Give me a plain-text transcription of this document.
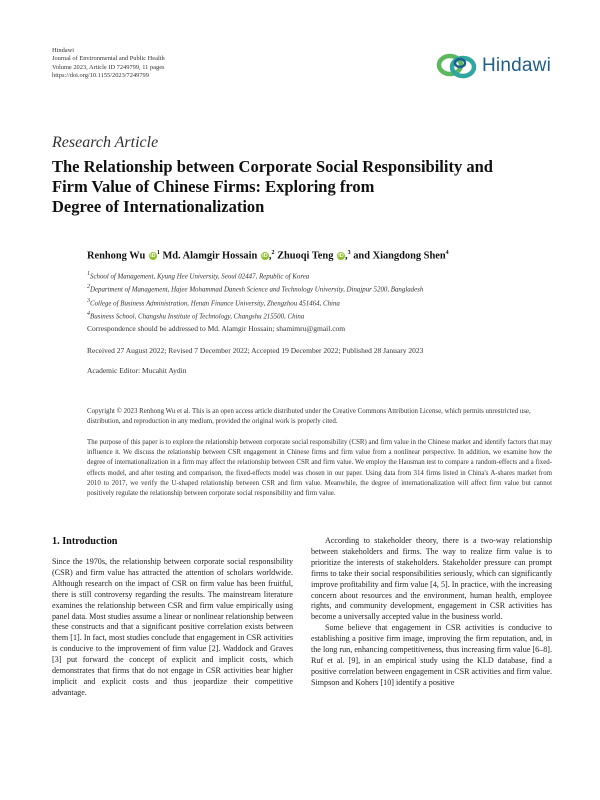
Hindawi
Journal of Environmental and Public Health
Volume 2023, Article ID 7249799, 11 pages
https://doi.org/10.1155/2023/7249799	Hindawi
Research Article
The Relationship between Corporate Social Responsibility and
Firm Value of Chinese Firms: Exploring from
Degree of Internationalization
Renhong Wu $iD^1$ Md. Alamgir Hossain iD,$^2$ Zhuoqi Teng iD,$^3$ and Xiangdong Shen$^4$
$^1$School of Management, Kyung Hee University, Seoul 02447, Republic of Korea
$^2$Department of Management, Hajee Mohammad Danesh Science and Technology University, Dinajpur 5200, Bangladesh
$^3$College of Business Administration, Henan Finance University, Zhengzhou 451464, China
$^4$Business School, Changshu Institute of Technology, Changshu 215500, China
Correspondence should be addressed to Md. Alamgir Hossain; shamimru@gmail.com
Received 27 August 2022; Revised 7 December 2022; Accepted 19 December 2022; Published 28 January 2023
Academic Editor: Mucahit Aydin
Copyright © 2023 Renhong Wu et al. This is an open access article distributed under the Creative Commons Attribution License, which permits unrestricted use, distribution, and reproduction in any medium, provided the original work is properly cited.
The purpose of this paper is to explore the relationship between corporate social responsibility (CSR) and firm value in the Chinese market and identify factors that may influence it. We discuss the relationship between CSR engagement in Chinese firms and firm value from a nonlinear perspective. In addition, we examine how the degree of internationalization in a firm may affect the relationship between CSR and firm value. We employ the Hausman test to compare a random-effects and a fixed-effects model, and after testing and comparison, the fixed-effects model was chosen in our paper. Using data from 314 firms listed in China's A-shares market from 2010 to 2017, we verify the U-shaped relationship between CSR and firm value. Meanwhile, the degree of internationalization will affect firm value but cannot positively regulate the relationship between corporate social responsibility and firm value.
1. Introduction

Since the 1970s, the relationship between corporate social responsibility (CSR) and firm value has attracted the attention of scholars worldwide. Although research on the impact of CSR on firm value has been fruitful, there is still controversy regarding the results. The mainstream literature examines the relationship between CSR and firm value empirically using panel data. Most studies assume a linear or nonlinear relationship between these constructs and that a significant positive correlation exists between them [1]. In fact, most studies conclude that engagement in CSR activities is conducive to the improvement of firm value [2]. Waddock and Graves [3] put forward the concept of explicit and implicit costs, which demonstrates that firms that do not engage in CSR activities bear higher implicit and explicit costs and thus jeopardize their competitive advantage.

According to stakeholder theory, there is a two-way relationship between stakeholders and firms. The way to realize firm value is to prioritize the interests of stakeholders. Stakeholder pressure can prompt firms to take their social responsibilities seriously, which can significantly improve profitability and firm value [4, 5]. In practice, with the increasing concern about resources and the environment, human health, employee rights, and community development, engagement in CSR activities has become a universally accepted value in the business world.

Some believe that engagement in CSR activities is conducive to establishing a positive firm image, improving the firm reputation, and, in the long run, enhancing competitiveness, thus increasing firm value [6–8]. Ruf et al. [9], in an empirical study using the KLD database, find a positive correlation between engagement in CSR activities and firm value. Simpson and Kohers [10] identify a positive
